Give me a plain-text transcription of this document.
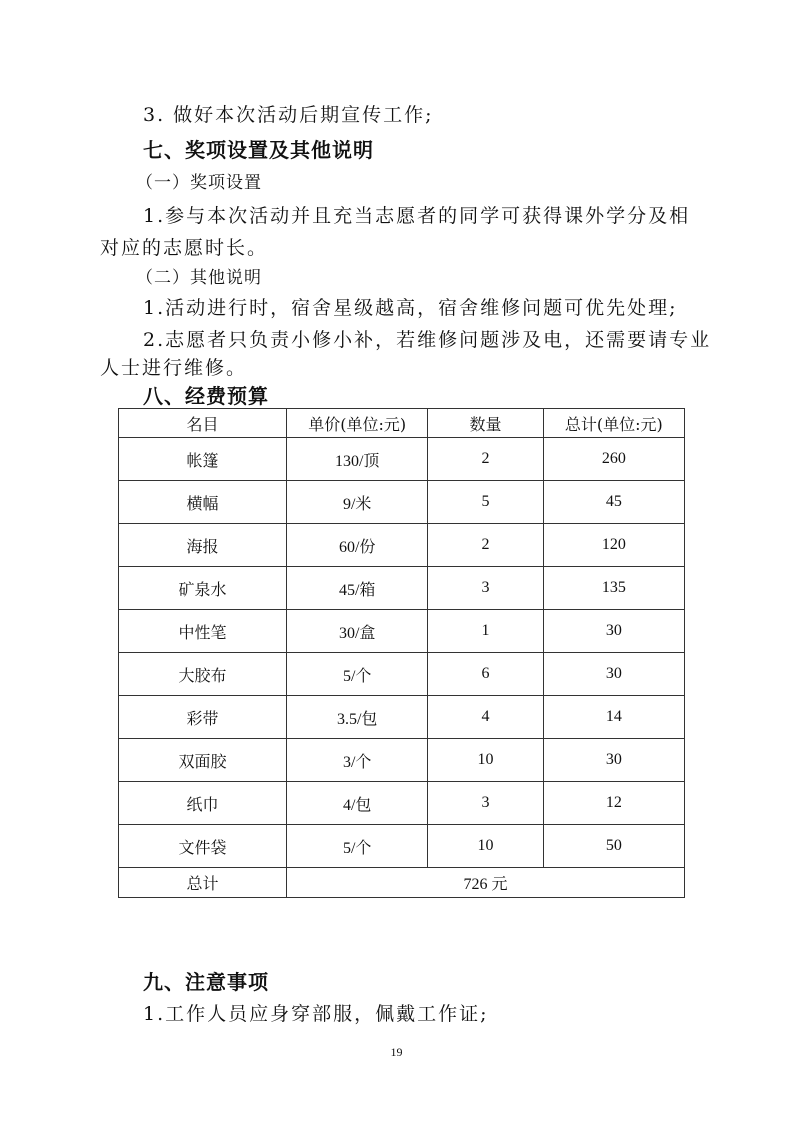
3. 做好本次活动后期宣传工作;
七、奖项设置及其他说明
（一）奖项设置
1.参与本次活动并且充当志愿者的同学可获得课外学分及相
对应的志愿时长。
（二）其他说明
1.活动进行时，宿舍星级越高，宿舍维修问题可优先处理;
2.志愿者只负责小修小补，若维修问题涉及电，还需要请专业
人士进行维修。
八、经费预算
名目	单价(单位:元)	数量	总计(单位:元)
帐篷	130/顶	2	260
横幅	9/米	5	45
海报	60/份	2	120
矿泉水	45/箱	3	135
中性笔	30/盒	1	30
大胶布	5/个	6	30
彩带	3.5/包	4	14
双面胶	3/个	10	30
纸巾	4/包	3	12
文件袋	5/个	10	50
总计	726 元		
九、注意事项
1.工作人员应身穿部服，佩戴工作证;
19
